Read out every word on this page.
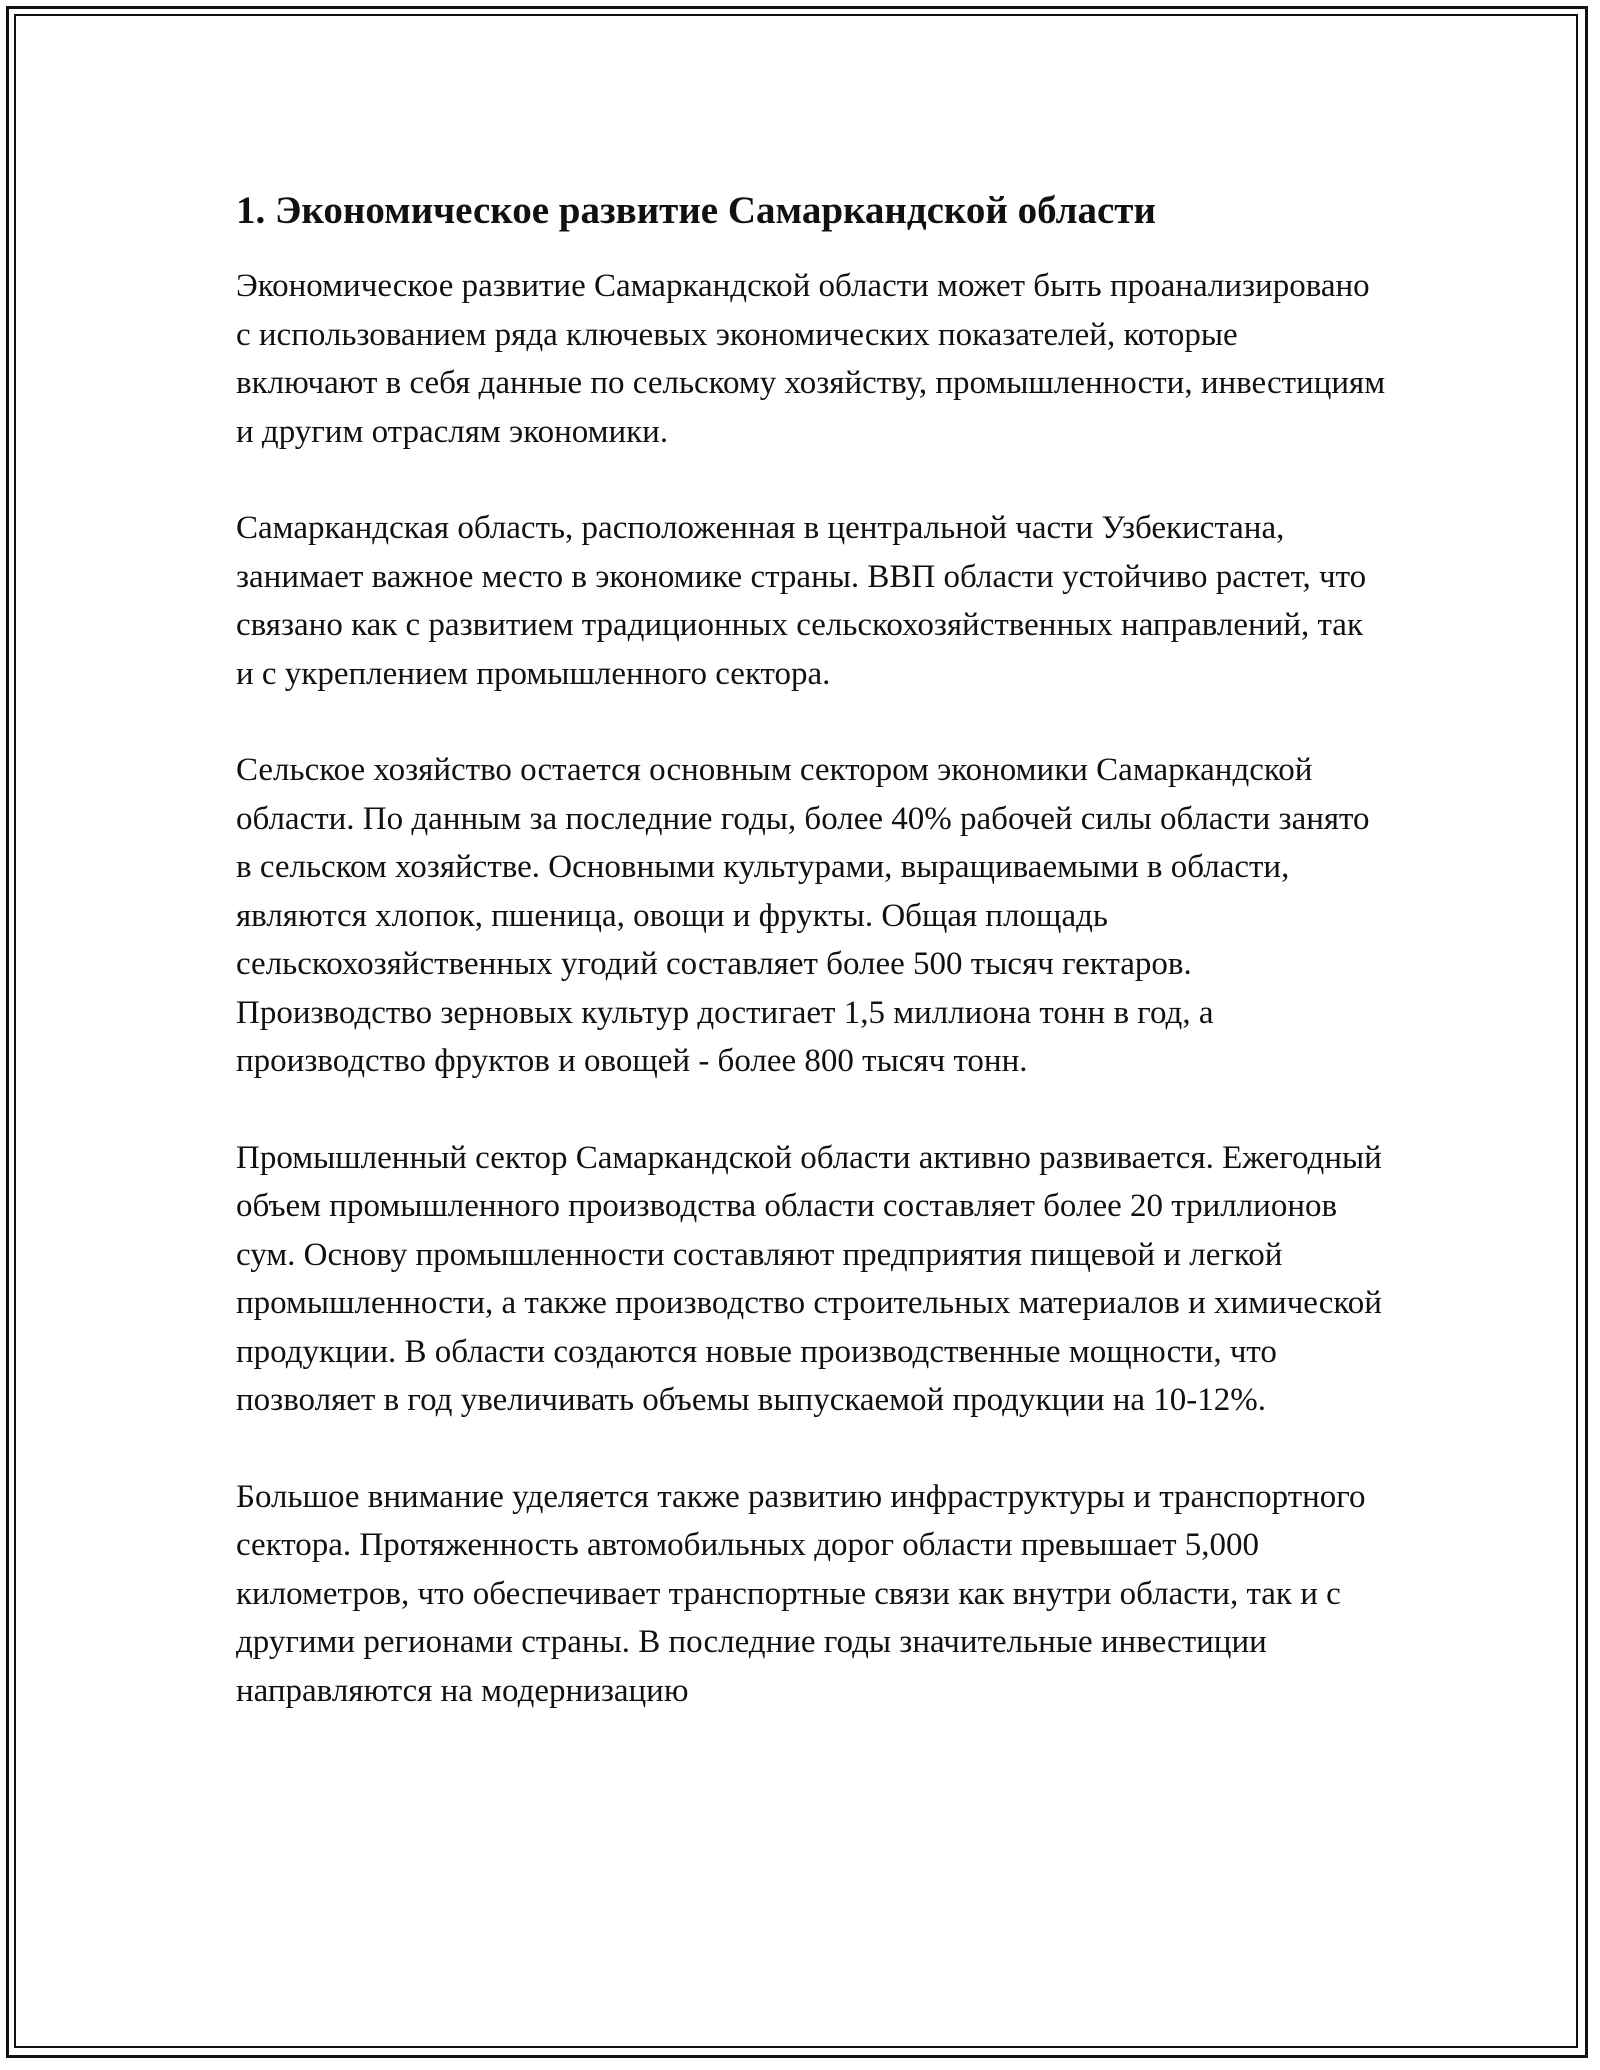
1. Экономическое развитие Самаркандской области

Экономическое развитие Самаркандской области может быть проанализировано с использованием ряда ключевых экономических показателей, которые включают в себя данные по сельскому хозяйству, промышленности, инвестициям и другим отраслям экономики.

Самаркандская область, расположенная в центральной части Узбекистана, занимает важное место в экономике страны. ВВП области устойчиво растет, что связано как с развитием традиционных сельскохозяйственных направлений, так и с укреплением промышленного сектора.

Сельское хозяйство остается основным сектором экономики Самаркандской области. По данным за последние годы, более 40% рабочей силы области занято в сельском хозяйстве. Основными культурами, выращиваемыми в области, являются хлопок, пшеница, овощи и фрукты. Общая площадь сельскохозяйственных угодий составляет более 500 тысяч гектаров. Производство зерновых культур достигает 1,5 миллиона тонн в год, а производство фруктов и овощей - более 800 тысяч тонн.

Промышленный сектор Самаркандской области активно развивается. Ежегодный объем промышленного производства области составляет более 20 триллионов сум. Основу промышленности составляют предприятия пищевой и легкой промышленности, а также производство строительных материалов и химической продукции. В области создаются новые производственные мощности, что позволяет в год увеличивать объемы выпускаемой продукции на 10-12%.

Большое внимание уделяется также развитию инфраструктуры и транспортного сектора. Протяженность автомобильных дорог области превышает 5,000 километров, что обеспечивает транспортные связи как внутри области, так и с другими регионами страны. В последние годы значительные инвестиции направляются на модернизацию
